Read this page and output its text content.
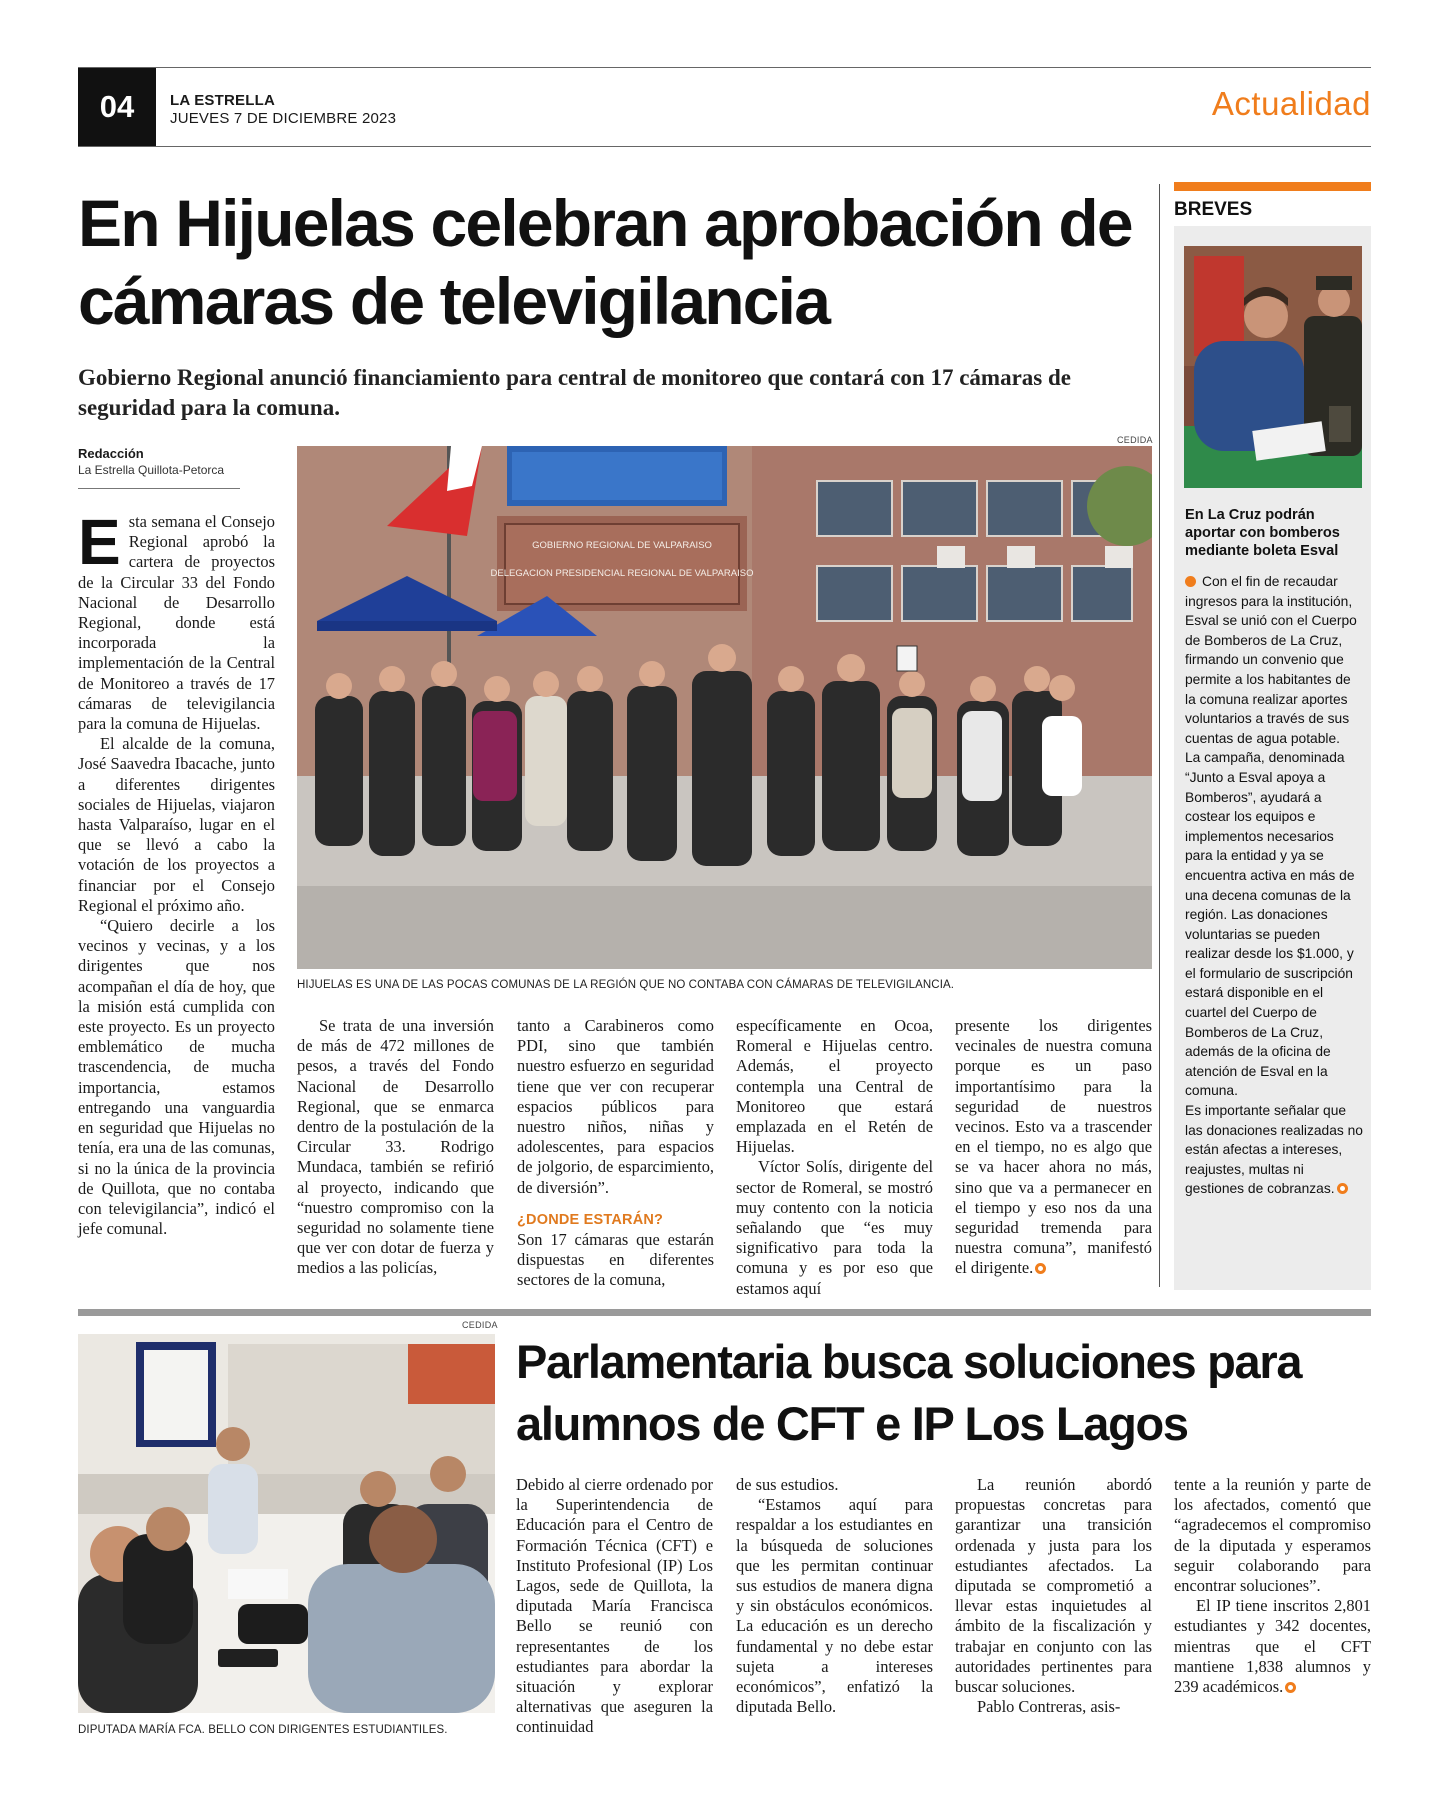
04	LA ESTRELLA
JUEVES 7 DE DICIEMBRE 2023	Actualidad
En Hijuelas celebran aprobación de cámaras de televigilancia
Gobierno Regional anunció financiamiento para central de monitoreo que contará con 17 cámaras de seguridad para la comuna.
Redacción
La Estrella Quillota-Petorca
CEDIDA
GOBIERNO REGIONAL DE VALPARAISO
DELEGACION PRESIDENCIAL REGIONAL DE VALPARAISO
HIJUELAS ES UNA DE LAS POCAS COMUNAS DE LA REGIÓN QUE NO CONTABA CON CÁMARAS DE TELEVIGILANCIA.

Esta semana el Consejo Regional aprobó la cartera de proyectos de la Circular 33 del Fondo Nacional de Desarrollo Regional, donde está incorporada la implementación de la Central de Monitoreo a través de 17 cámaras de televigilancia para la comuna de Hijuelas.

El alcalde de la comuna, José Saavedra Ibacache, junto a diferentes dirigentes sociales de Hijuelas, viajaron hasta Valparaíso, lugar en el que se llevó a cabo la votación de los proyectos a financiar por el Consejo Regional el próximo año.

“Quiero decirle a los vecinos y vecinas, y a los dirigentes que nos acompañan el día de hoy, que la misión está cumplida con este proyecto. Es un proyecto emblemático de mucha trascendencia, de mucha importancia, estamos entregando una vanguardia en seguridad que Hijuelas no tenía, era una de las comunas, si no la única de la provincia de Quillota, que no contaba con televigilancia”, indicó el jefe comunal.

Se trata de una inversión de más de 472 millones de pesos, a través del Fondo Nacional de Desarrollo Regional, que se enmarca dentro de la postulación de la Circular 33. Rodrigo Mundaca, también se refirió al proyecto, indicando que “nuestro compromiso con la seguridad no solamente tiene que ver con dotar de fuerza y medios a las policías,

tanto a Carabineros como PDI, sino que también nuestro esfuerzo en seguridad tiene que ver con recuperar espacios públicos para nuestro niños, niñas y adolescentes, para espacios de jolgorio, de esparcimiento, de diversión”.

¿DONDE ESTARÁN?

Son 17 cámaras que estarán dispuestas en diferentes sectores de la comuna,

específicamente en Ocoa, Romeral e Hijuelas centro. Además, el proyecto contempla una Central de Monitoreo que estará emplazada en el Retén de Hijuelas.

Víctor Solís, dirigente del sector de Romeral, se mostró muy contento con la noticia señalando que “es muy significativo para toda la comuna y es por eso que estamos aquí

presente los dirigentes vecinales de nuestra comuna porque es un paso importantísimo para la seguridad de nuestros vecinos. Esto va a trascender en el tiempo, no es algo que se va hacer ahora no más, sino que va a permanecer en el tiempo y eso nos da una seguridad tremenda para nuestra comuna”, manifestó el dirigente.

BREVES
En La Cruz podrán aportar con bomberos mediante boleta Esval
Con el fin de recaudar ingresos para la institución, Esval se unió con el Cuerpo de Bomberos de La Cruz, firmando un convenio que permite a los habitantes de la comuna realizar aportes voluntarios a través de sus cuentas de agua potable.
La campaña, denominada “Junto a Esval apoya a Bomberos”, ayudará a costear los equipos e implementos necesarios para la entidad y ya se encuentra activa en más de una decena comunas de la región. Las donaciones voluntarias se pueden realizar desde los $1.000, y el formulario de suscripción estará disponible en el cuartel del Cuerpo de Bomberos de La Cruz, además de la oficina de atención de Esval en la comuna.
Es importante señalar que las donaciones realizadas no están afectas a intereses, reajustes, multas ni gestiones de cobranzas.
CEDIDA
DIPUTADA MARÍA FCA. BELLO CON DIRIGENTES ESTUDIANTILES.
Parlamentaria busca soluciones para alumnos de CFT e IP Los Lagos

Debido al cierre ordenado por la Superintendencia de Educación para el Centro de Formación Técnica (CFT) e Instituto Profesional (IP) Los Lagos, sede de Quillota, la diputada María Francisca Bello se reunió con representantes de los estudiantes para abordar la situación y explorar alternativas que aseguren la continuidad

de sus estudios.

“Estamos aquí para respaldar a los estudiantes en la búsqueda de soluciones que les permitan continuar sus estudios de manera digna y sin obstáculos económicos. La educación es un derecho fundamental y no debe estar sujeta a intereses económicos”, enfatizó la diputada Bello.

La reunión abordó propuestas concretas para garantizar una transición ordenada y justa para los estudiantes afectados. La diputada se comprometió a llevar estas inquietudes al ámbito de la fiscalización y trabajar en conjunto con las autoridades pertinentes para buscar soluciones.

Pablo Contreras, asis-

tente a la reunión y parte de los afectados, comentó que “agradecemos el compromiso de la diputada y esperamos seguir colaborando para encontrar soluciones”.

El IP tiene inscritos 2,801 estudiantes y 342 docentes, mientras que el CFT mantiene 1,838 alumnos y 239 académicos.
